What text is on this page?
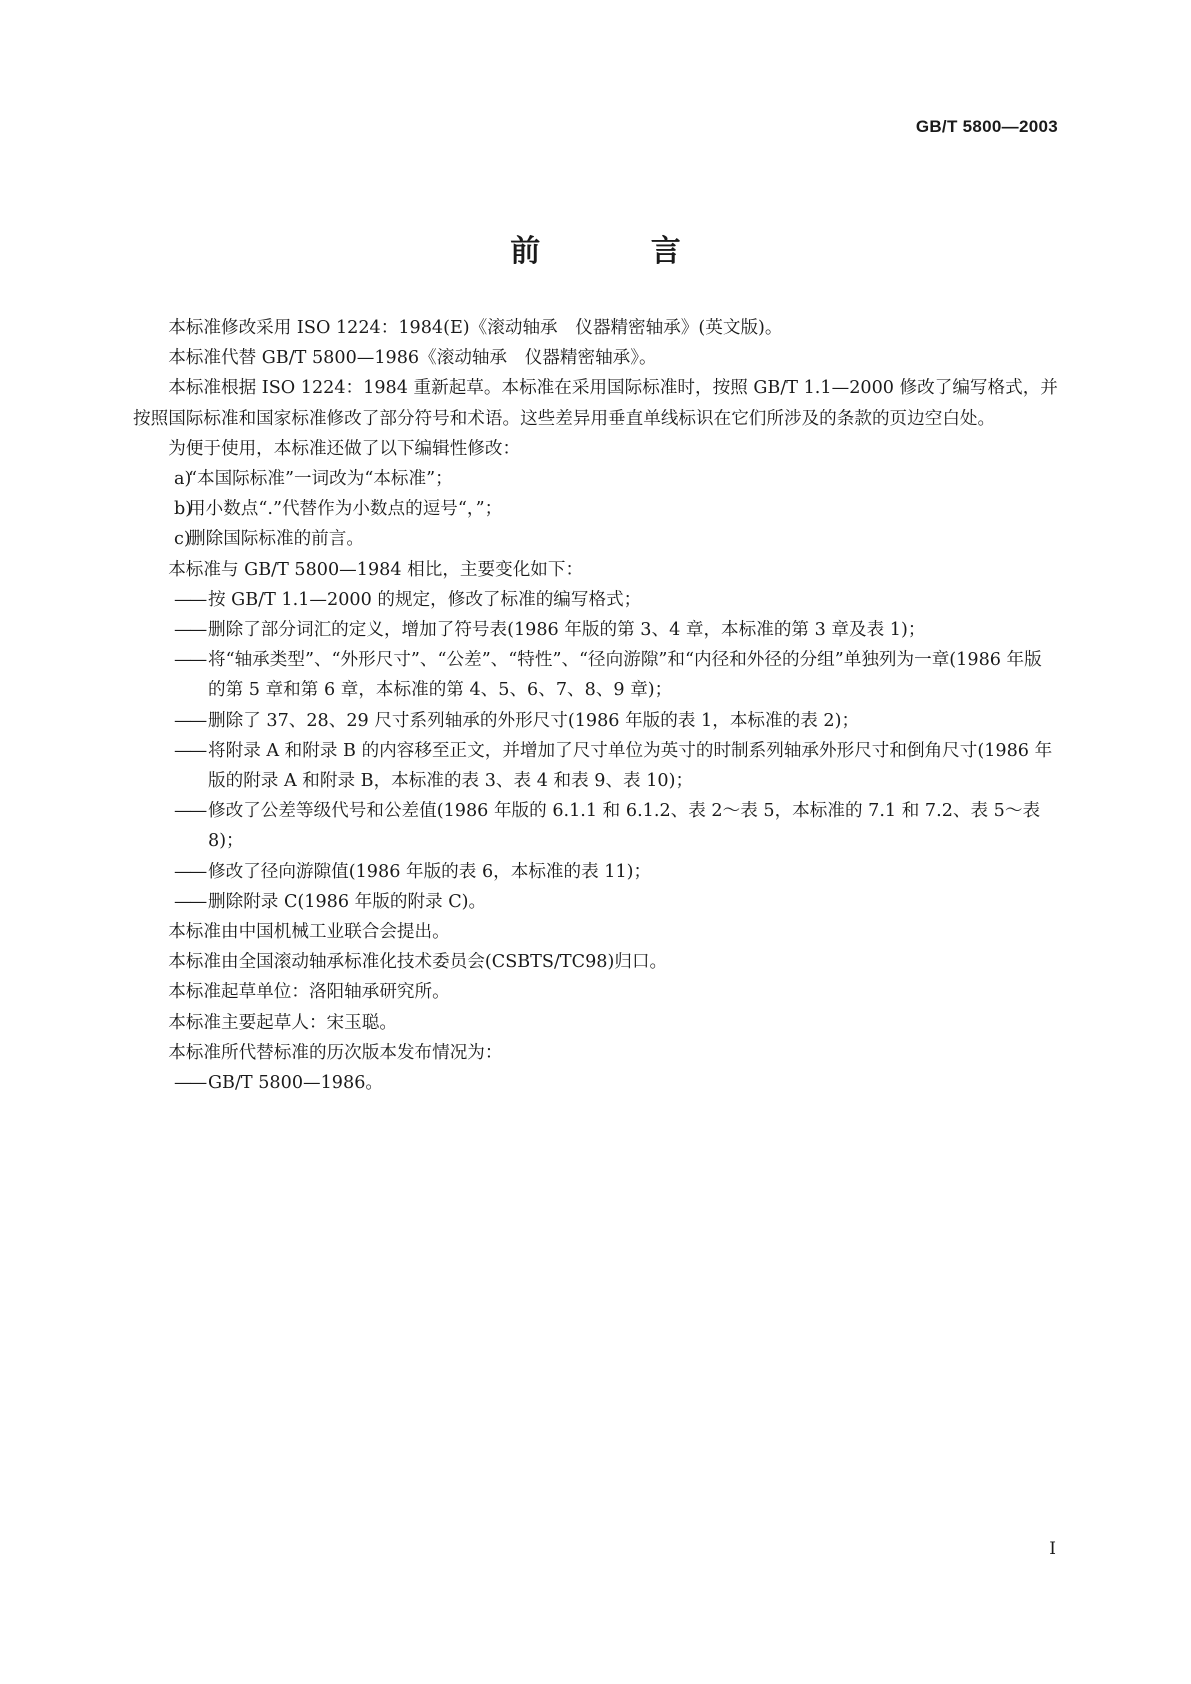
GB/T 5800—2003
前 言

本标准修改采用 ISO 1224：1984(E)《滚动轴承　仪器精密轴承》(英文版)。

本标准代替 GB/T 5800—1986《滚动轴承　仪器精密轴承》。

本标准根据 ISO 1224：1984 重新起草。本标准在采用国际标准时，按照 GB/T 1.1—2000 修改了编写格式，并按照国际标准和国家标准修改了部分符号和术语。这些差异用垂直单线标识在它们所涉及的条款的页边空白处。

为便于使用，本标准还做了以下编辑性修改：

a)
“本国际标准”一词改为“本标准”；
b)
用小数点“.”代替作为小数点的逗号“，”；
c)
删除国际标准的前言。

本标准与 GB/T 5800—1984 相比，主要变化如下：

—— 按 GB/T 1.1—2000 的规定，修改了标准的编写格式；
—— 删除了部分词汇的定义，增加了符号表(1986 年版的第 3、4 章，本标准的第 3 章及表 1)；
—— 将“轴承类型”、“外形尺寸”、“公差”、“特性”、“径向游隙”和“内径和外径的分组”单独列为一章(1986 年版的第 5 章和第 6 章，本标准的第 4、5、6、7、8、9 章)；
—— 删除了 37、28、29 尺寸系列轴承的外形尺寸(1986 年版的表 1，本标准的表 2)；
—— 将附录 A 和附录 B 的内容移至正文，并增加了尺寸单位为英寸的时制系列轴承外形尺寸和倒角尺寸(1986 年版的附录 A 和附录 B，本标准的表 3、表 4 和表 9、表 10)；
—— 修改了公差等级代号和公差值(1986 年版的 6.1.1 和 6.1.2、表 2～表 5，本标准的 7.1 和 7.2、表 5～表 8)；
—— 修改了径向游隙值(1986 年版的表 6，本标准的表 11)；
—— 删除附录 C(1986 年版的附录 C)。

本标准由中国机械工业联合会提出。

本标准由全国滚动轴承标准化技术委员会(CSBTS/TC98)归口。

本标准起草单位：洛阳轴承研究所。

本标准主要起草人：宋玉聪。

本标准所代替标准的历次版本发布情况为：

—— GB/T 5800—1986。
I
